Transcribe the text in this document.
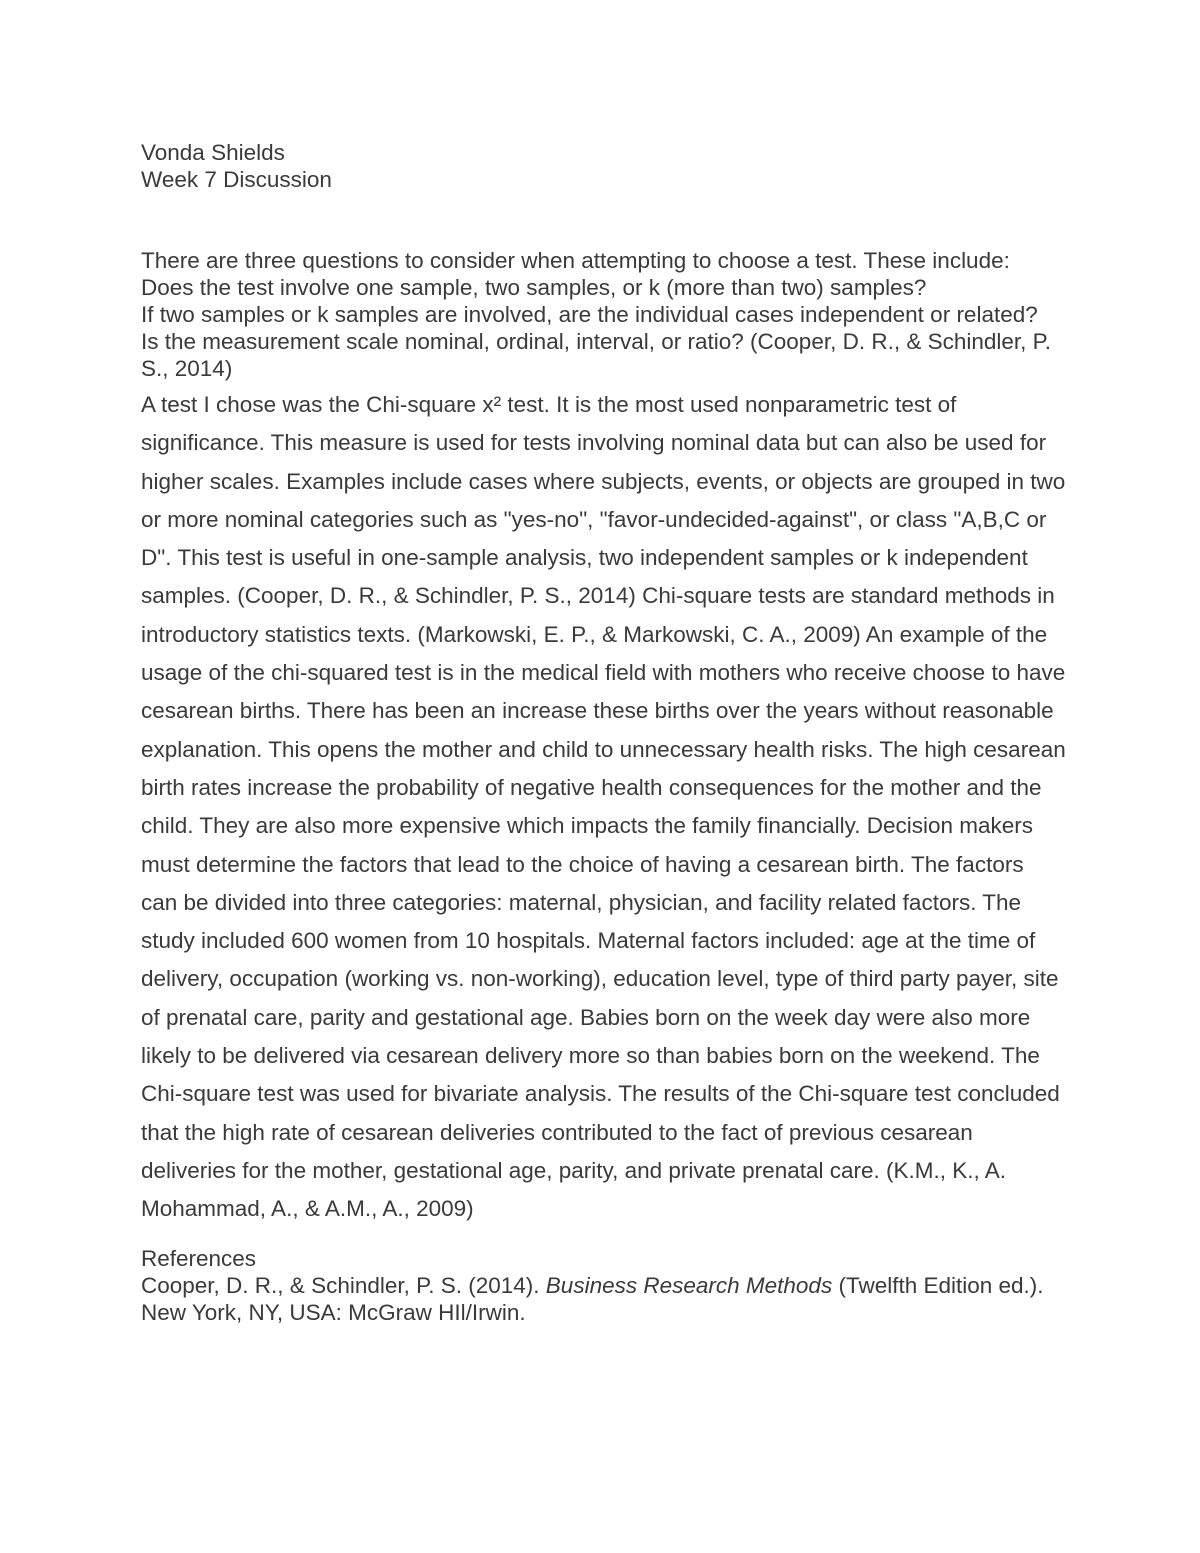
Vonda Shields

Week 7 Discussion

There are three questions to consider when attempting to choose a test. These include:

Does the test involve one sample, two samples, or k (more than two) samples?

If two samples or k samples are involved, are the individual cases independent or related?

Is the measurement scale nominal, ordinal, interval, or ratio? (Cooper, D. R., & Schindler, P. S., 2014)

A test I chose was the Chi-square x² test. It is the most used nonparametric test of significance. This measure is used for tests involving nominal data but can also be used for higher scales. Examples include cases where subjects, events, or objects are grouped in two or more nominal categories such as "yes-no", "favor-undecided-against", or class "A,B,C or D". This test is useful in one-sample analysis, two independent samples or k independent samples. (Cooper, D. R., & Schindler, P. S., 2014) Chi-square tests are standard methods in introductory statistics texts. (Markowski, E. P., & Markowski, C. A., 2009) An example of the usage of the chi-squared test is in the medical field with mothers who receive choose to have cesarean births. There has been an increase these births over the years without reasonable explanation. This opens the mother and child to unnecessary health risks. The high cesarean birth rates increase the probability of negative health consequences for the mother and the child. They are also more expensive which impacts the family financially. Decision makers must determine the factors that lead to the choice of having a cesarean birth. The factors can be divided into three categories: maternal, physician, and facility related factors. The study included 600 women from 10 hospitals. Maternal factors included: age at the time of delivery, occupation (working vs. non-working), education level, type of third party payer, site of prenatal care, parity and gestational age. Babies born on the week day were also more likely to be delivered via cesarean delivery more so than babies born on the weekend. The Chi-square test was used for bivariate analysis. The results of the Chi-square test concluded that the high rate of cesarean deliveries contributed to the fact of previous cesarean deliveries for the mother, gestational age, parity, and private prenatal care. (K.M., K., A. Mohammad, A., & A.M., A., 2009)

References

Cooper, D. R., & Schindler, P. S. (2014). Business Research Methods (Twelfth Edition ed.). New York, NY, USA: McGraw HIl/Irwin.
